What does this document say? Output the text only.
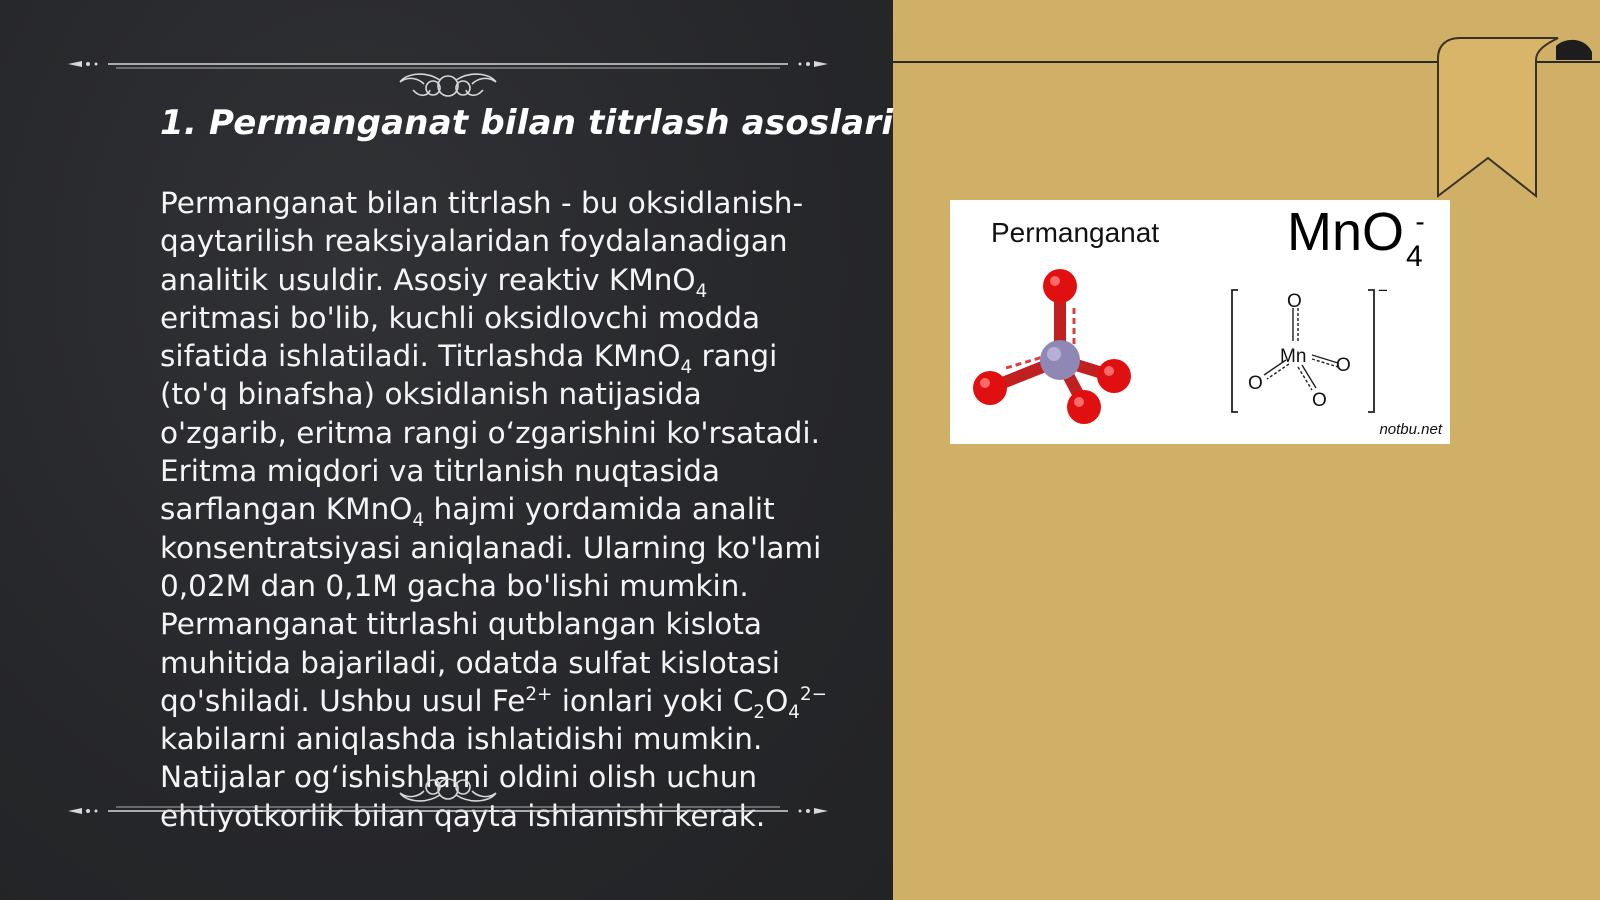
1. Permanganat bilan titrlash asoslari

Permanganat bilan titrlash - bu oksidlanish-
qaytarilish reaksiyalaridan foydalanadigan
analitik usuldir. Asosiy reaktiv KMnO$_4$
eritmasi bo'lib, kuchli oksidlovchi modda
sifatida ishlatiladi. Titrlashda KMnO$_4$ rangi
(to'q binafsha) oksidlanish natijasida
o'zgarib, eritma rangi oʻzgarishini ko'rsatadi.
Eritma miqdori va titrlanish nuqtasida
sarflangan KMnO$_4$ hajmi yordamida analit
konsentratsiyasi aniqlanadi. Ularning ko'lami
0,02M dan 0,1M gacha bo'lishi mumkin.
Permanganat titrlashi qutblangan kislota
muhitida bajariladi, odatda sulfat kislotasi
qo'shiladi. Ushbu usul $Fe^{2+}$ ionlari yoki $C_2O_4^{2-}$
kabilarni aniqlashda ishlatidishi mumkin.
Natijalar ogʻishishlarni oldini olish uchun
ehtiyotkorlik bilan qayta ishlanishi kerak.

O
Mn
O
O
O
−
Permanganat MnO$_4$
-
notbu.net
